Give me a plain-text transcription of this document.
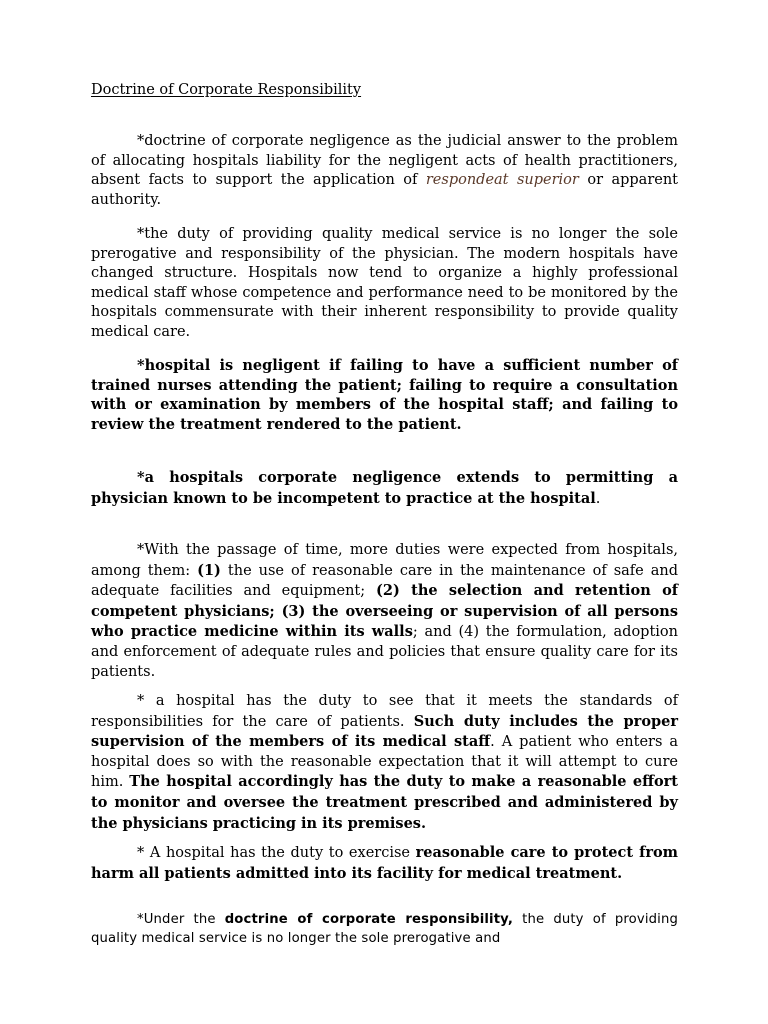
Doctrine of Corporate Responsibility

*doctrine of corporate negligence as the judicial answer to the problem of allocating hospitals liability for the negligent acts of health practitioners, absent facts to support the application of respondeat superior or apparent authority.

*the duty of providing quality medical service is no longer the sole prerogative and responsibility of the physician. The modern hospitals have changed structure. Hospitals now tend to organize a highly professional medical staff whose competence and performance need to be monitored by the hospitals commensurate with their inherent responsibility to provide quality medical care.

*hospital is negligent if failing to have a sufficient number of trained nurses attending the patient; failing to require a consultation with or examination by members of the hospital staff; and failing to review the treatment rendered to the patient.

*a hospitals corporate negligence extends to permitting a physician known to be incompetent to practice at the hospital.

*With the passage of time, more duties were expected from hospitals, among them: (1) the use of reasonable care in the maintenance of safe and adequate facilities and equipment; (2) the selection and retention of competent physicians; (3) the overseeing or supervision of all persons who practice medicine within its walls; and (4) the formulation, adoption and enforcement of adequate rules and policies that ensure quality care for its patients.

* a hospital has the duty to see that it meets the standards of responsibilities for the care of patients. Such duty includes the proper supervision of the members of its medical staff. A patient who enters a hospital does so with the reasonable expectation that it will attempt to cure him. The hospital accordingly has the duty to make a reasonable effort to monitor and oversee the treatment prescribed and administered by the physicians practicing in its premises.

* A hospital has the duty to exercise reasonable care to protect from harm all patients admitted into its facility for medical treatment.

*Under the doctrine of corporate responsibility, the duty of providing quality medical service is no longer the sole prerogative and
